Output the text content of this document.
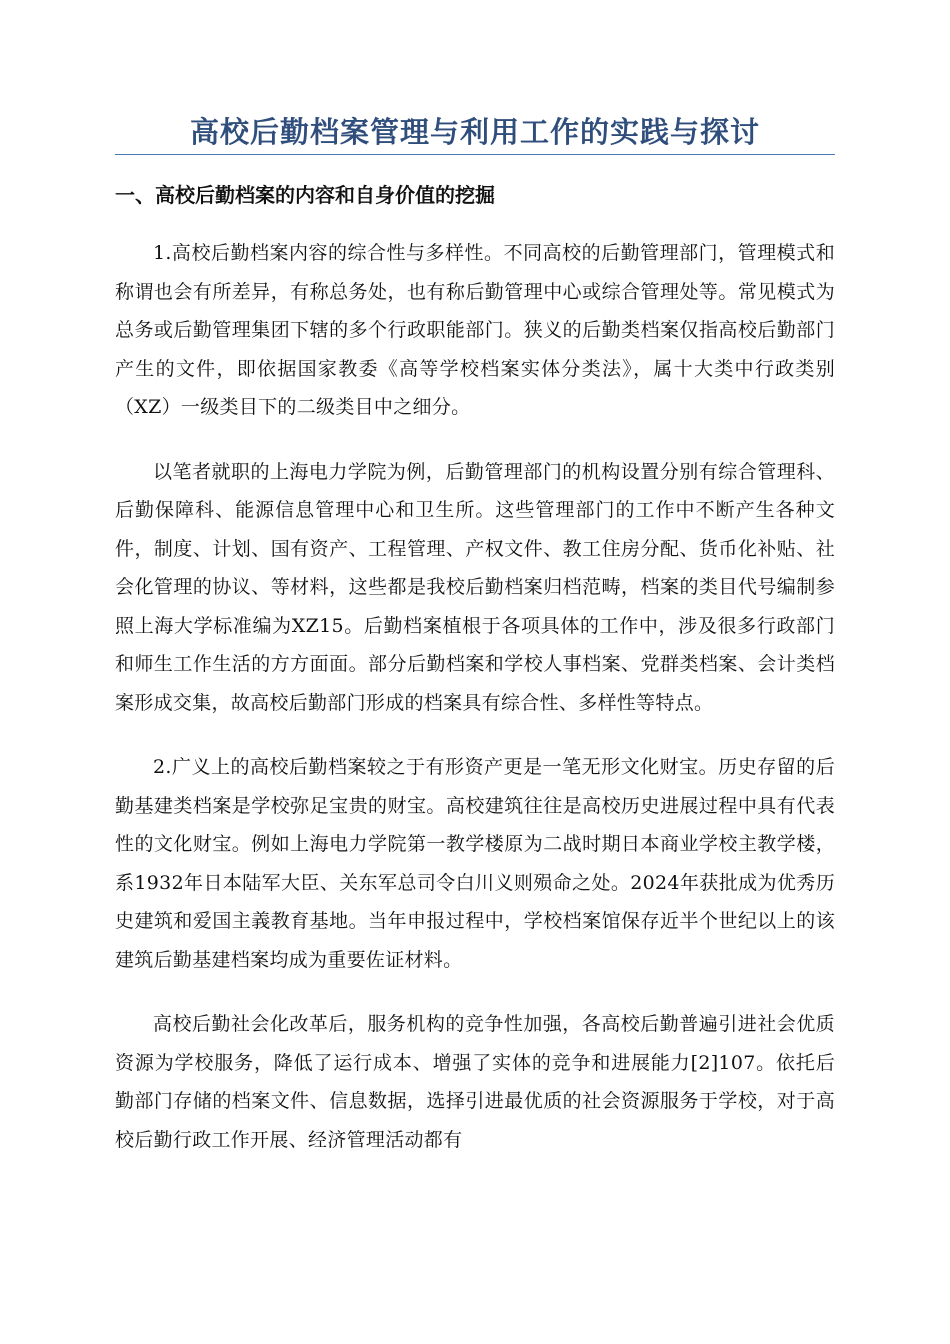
高校后勤档案管理与利用工作的实践与探讨
一、高校后勤档案的内容和自身价值的挖掘

1.高校后勤档案内容的综合性与多样性。不同高校的后勤管理部门，管理模式和称谓也会有所差异，有称总务处，也有称后勤管理中心或综合管理处等。常见模式为总务或后勤管理集团下辖的多个行政职能部门。狭义的后勤类档案仅指高校后勤部门产生的文件，即依据国家教委《高等学校档案实体分类法》，属十大类中行政类别（XZ）一级类目下的二级类目中之细分。

以笔者就职的上海电力学院为例，后勤管理部门的机构设置分别有综合管理科、后勤保障科、能源信息管理中心和卫生所。这些管理部门的工作中不断产生各种文件，制度、计划、国有资产、工程管理、产权文件、教工住房分配、货币化补贴、社会化管理的协议、等材料，这些都是我校后勤档案归档范畴，档案的类目代号编制参照上海大学标准编为XZ15。后勤档案植根于各项具体的工作中，涉及很多行政部门和师生工作生活的方方面面。部分后勤档案和学校人事档案、党群类档案、会计类档案形成交集，故高校后勤部门形成的档案具有综合性、多样性等特点。

2.广义上的高校后勤档案较之于有形资产更是一笔无形文化财宝。历史存留的后勤基建类档案是学校弥足宝贵的财宝。高校建筑往往是高校历史进展过程中具有代表性的文化财宝。例如上海电力学院第一教学楼原为二战时期日本商业学校主教学楼，系1932年日本陆军大臣、关东军总司令白川义则殒命之处。2024年获批成为优秀历史建筑和爱国主義教育基地。当年申报过程中，学校档案馆保存近半个世纪以上的该建筑后勤基建档案均成为重要佐证材料。

高校后勤社会化改革后，服务机构的竞争性加强，各高校后勤普遍引进社会优质资源为学校服务，降低了运行成本、增强了实体的竞争和进展能力[2]107。依托后勤部门存储的档案文件、信息数据，选择引进最优质的社会资源服务于学校，对于高校后勤行政工作开展、经济管理活动都有
